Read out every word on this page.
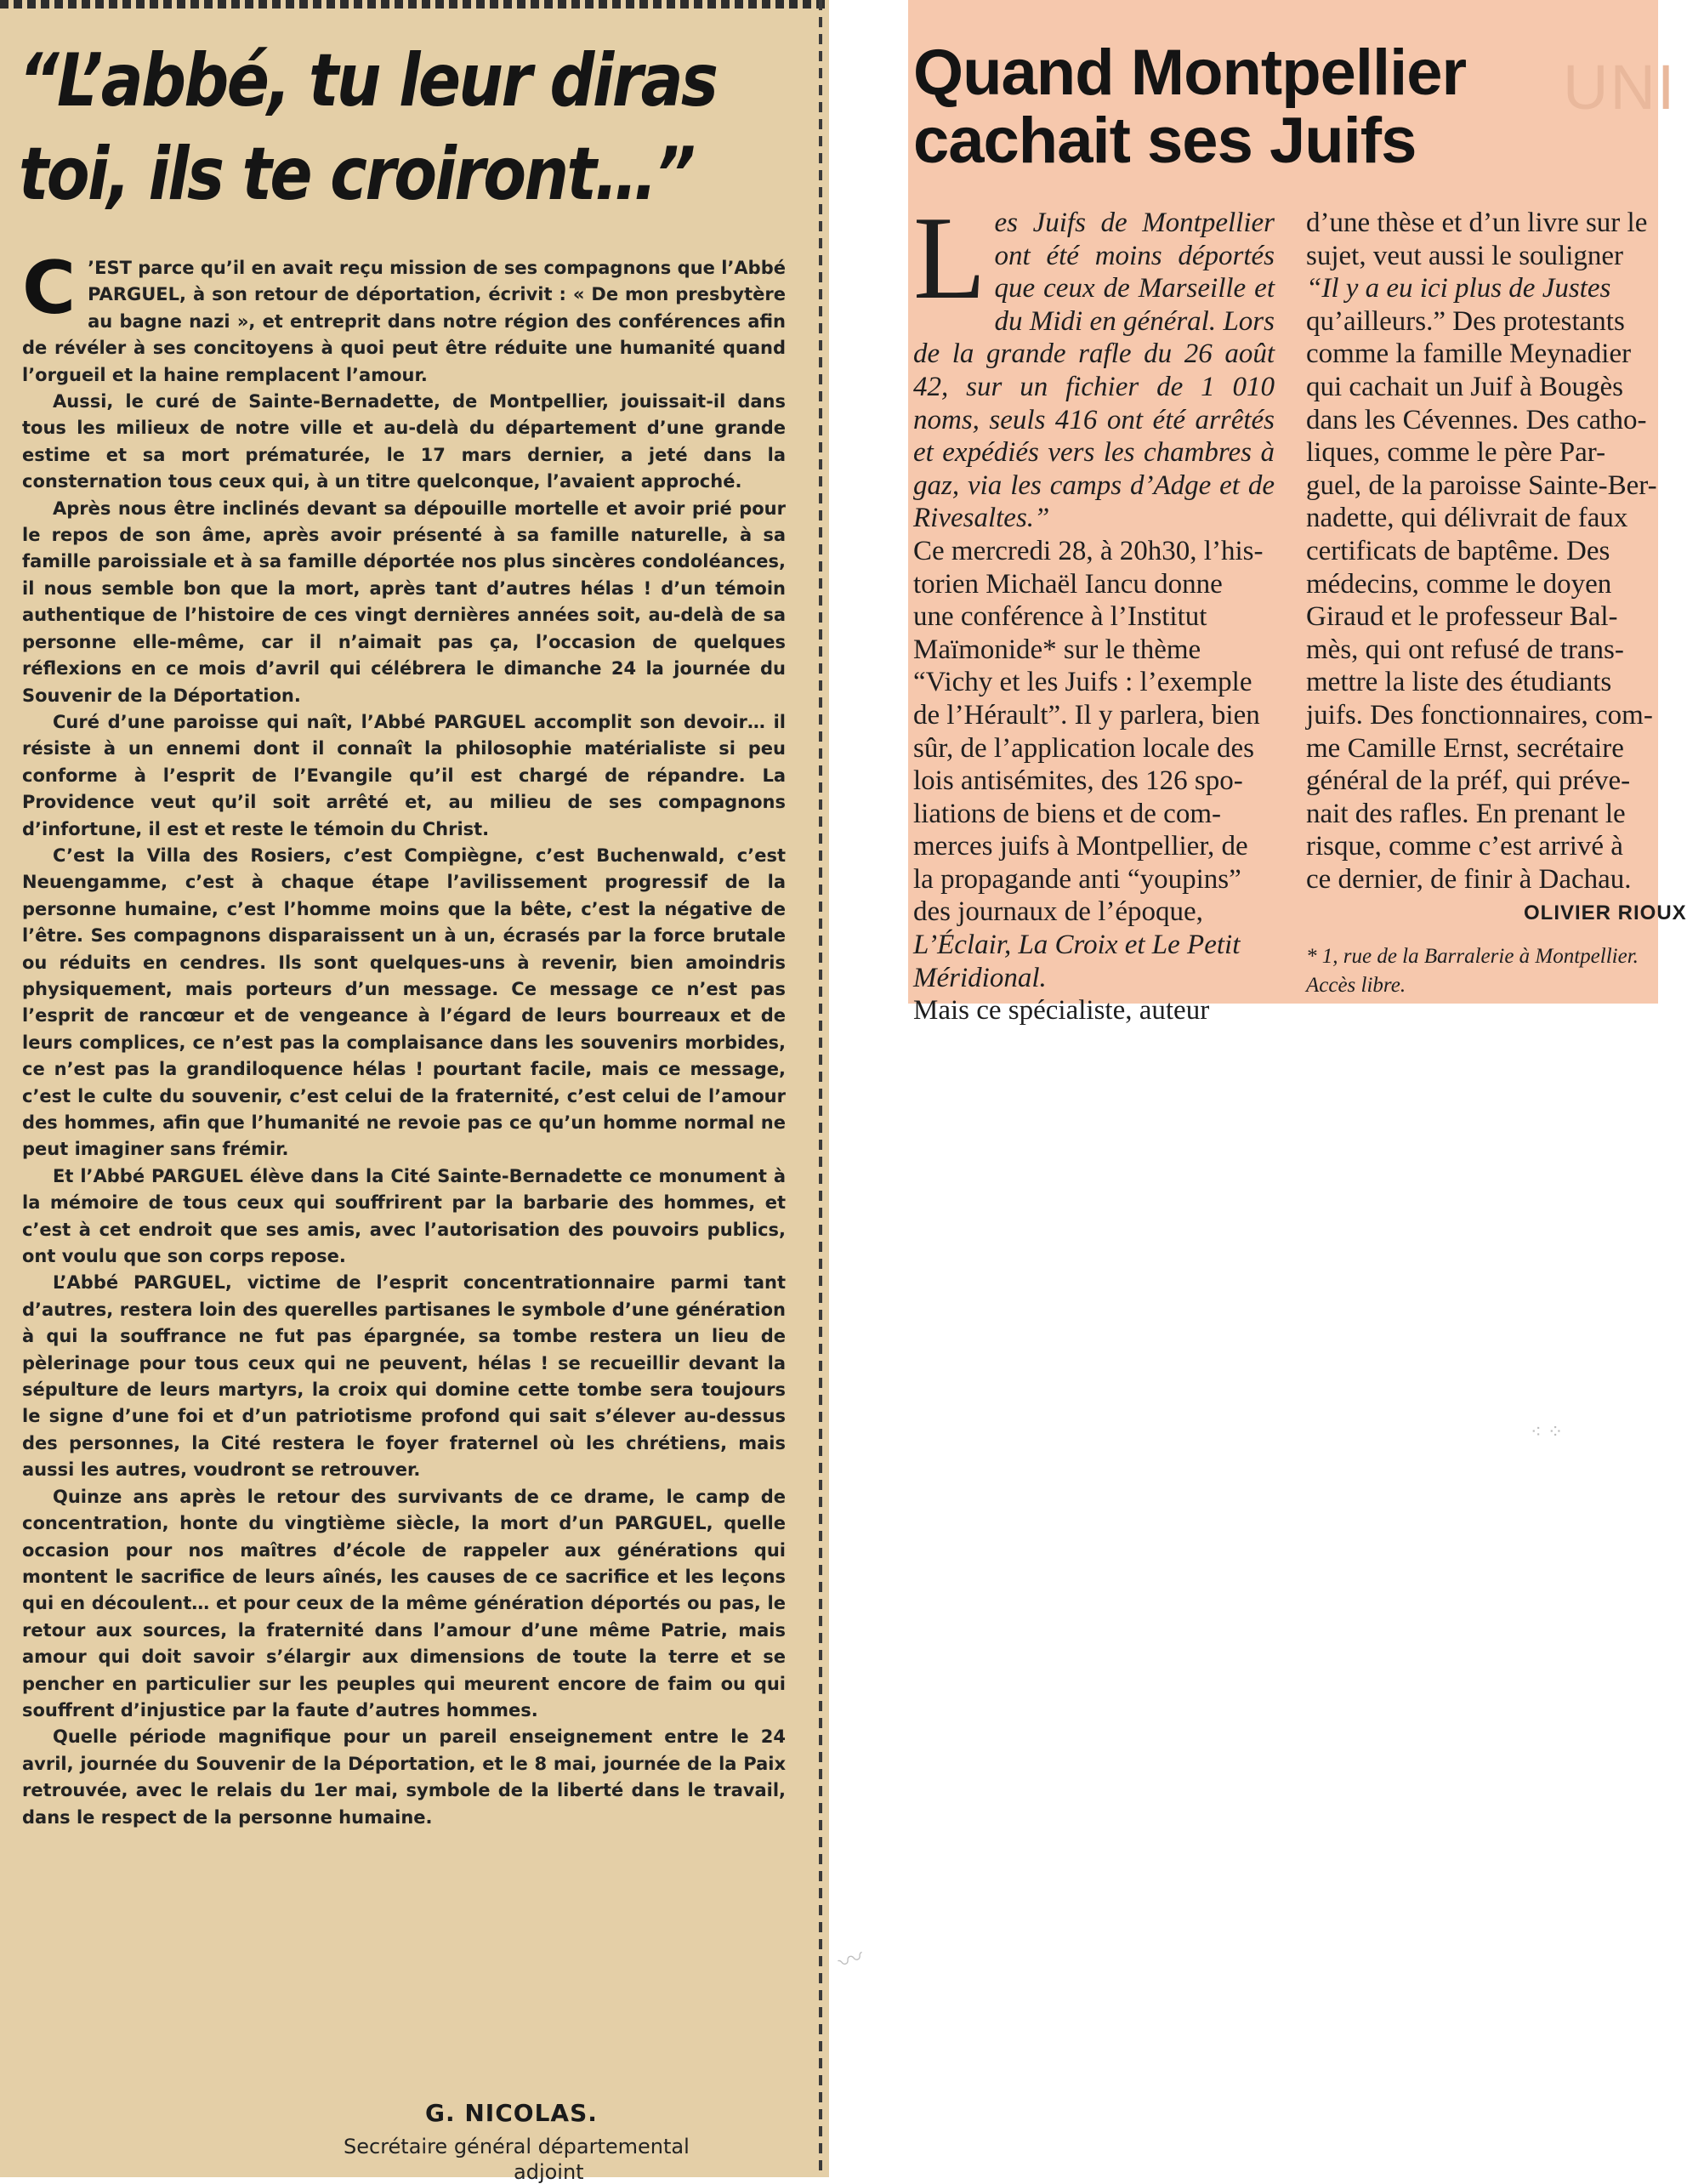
“L’abbé, tu leur diras
toi, ils te croiront…”

C ’EST parce qu’il en avait reçu mission de ses compagnons que l’Abbé PARGUEL, à son retour de déportation, écrivit : « De mon presbytère au bagne nazi », et entreprit dans notre région des conférences afin de révéler à ses concitoyens à quoi peut être réduite une humanité quand l’orgueil et la haine remplacent l’amour.

Aussi, le curé de Sainte-Bernadette, de Montpellier, jouissait-il dans tous les milieux de notre ville et au-delà du département d’une grande estime et sa mort prématurée, le 17 mars dernier, a jeté dans la consternation tous ceux qui, à un titre quelconque, l’avaient approché.

Après nous être inclinés devant sa dépouille mortelle et avoir prié pour le repos de son âme, après avoir présenté à sa famille naturelle, à sa famille paroissiale et à sa famille déportée nos plus sincères condoléances, il nous semble bon que la mort, après tant d’autres hélas ! d’un témoin authentique de l’histoire de ces vingt dernières années soit, au-delà de sa personne elle-même, car il n’aimait pas ça, l’occasion de quelques réflexions en ce mois d’avril qui célébrera le dimanche 24 la journée du Souvenir de la Déportation.

Curé d’une paroisse qui naît, l’Abbé PARGUEL accomplit son devoir… il résiste à un ennemi dont il connaît la philosophie matérialiste si peu conforme à l’esprit de l’Evangile qu’il est chargé de répandre. La Providence veut qu’il soit arrêté et, au milieu de ses compagnons d’infortune, il est et reste le témoin du Christ.

C’est la Villa des Rosiers, c’est Compiègne, c’est Buchenwald, c’est Neuengamme, c’est à chaque étape l’avilissement progressif de la personne humaine, c’est l’homme moins que la bête, c’est la négative de l’être. Ses compagnons disparaissent un à un, écrasés par la force brutale ou réduits en cendres. Ils sont quelques-uns à revenir, bien amoindris physiquement, mais porteurs d’un message. Ce message ce n’est pas l’esprit de rancœur et de vengeance à l’égard de leurs bourreaux et de leurs complices, ce n’est pas la complaisance dans les souvenirs morbides, ce n’est pas la grandiloquence hélas ! pourtant facile, mais ce message, c’est le culte du souvenir, c’est celui de la fraternité, c’est celui de l’amour des hommes, afin que l’humanité ne revoie pas ce qu’un homme normal ne peut imaginer sans frémir.

Et l’Abbé PARGUEL élève dans la Cité Sainte-Bernadette ce monument à la mémoire de tous ceux qui souffrirent par la barbarie des hommes, et c’est à cet endroit que ses amis, avec l’autorisation des pouvoirs publics, ont voulu que son corps repose.

L’Abbé PARGUEL, victime de l’esprit concentrationnaire parmi tant d’autres, restera loin des querelles partisanes le symbole d’une génération à qui la souffrance ne fut pas épargnée, sa tombe restera un lieu de pèlerinage pour tous ceux qui ne peuvent, hélas ! se recueillir devant la sépulture de leurs martyrs, la croix qui domine cette tombe sera toujours le signe d’une foi et d’un patriotisme profond qui sait s’élever au-dessus des personnes, la Cité restera le foyer fraternel où les chrétiens, mais aussi les autres, voudront se retrouver.

Quinze ans après le retour des survivants de ce drame, le camp de concentration, honte du vingtième siècle, la mort d’un PARGUEL, quelle occasion pour nos maîtres d’école de rappeler aux générations qui montent le sacrifice de leurs aînés, les causes de ce sacrifice et les leçons qui en découlent… et pour ceux de la même génération déportés ou pas, le retour aux sources, la fraternité dans l’amour d’une même Patrie, mais amour qui doit savoir s’élargir aux dimensions de toute la terre et se pencher en particulier sur les peuples qui meurent encore de faim ou qui souffrent d’injustice par la faute d’autres hommes.

Quelle période magnifique pour un pareil enseignement entre le 24 avril, journée du Souvenir de la Déportation, et le 8 mai, journée de la Paix retrouvée, avec le relais du 1er mai, symbole de la liberté dans le travail, dans le respect de la personne humaine.

G. NICOLAS.
Secrétaire général départemental
adjoint
UNI
Quand Montpellier
cachait ses Juifs

Les Juifs de Montpellier ont été moins déportés que ceux de Marseille et du Midi en général. Lors de la grande rafle du 26 août 42, sur un fichier de 1 010 noms, seuls 416 ont été arrêtés et expédiés vers les chambres à gaz, via les camps d’Adge et de Rivesaltes.”

Ce mercredi 28, à 20h30, l’his-
torien Michaël Iancu donne
une conférence à l’Institut
Maïmonide* sur le thème
“Vichy et les Juifs : l’exemple
de l’Hérault”. Il y parlera, bien
sûr, de l’application locale des
lois antisémites, des 126 spo-
liations de biens et de com-
merces juifs à Montpellier, de
la propagande anti “youpins”
des journaux de l’époque,
L’Éclair, La Croix et Le Petit
Méridional.
Mais ce spécialiste, auteur
d’une thèse et d’un livre sur le
sujet, veut aussi le souligner
“Il y a eu ici plus de Justes
qu’ailleurs.” Des protestants
comme la famille Meynadier
qui cachait un Juif à Bougès
dans les Cévennes. Des catho-
liques, comme le père Par-
guel, de la paroisse Sainte-Ber-
nadette, qui délivrait de faux
certificats de baptême. Des
médecins, comme le doyen
Giraud et le professeur Bal-
mès, qui ont refusé de trans-
mettre la liste des étudiants
juifs. Des fonctionnaires, com-
me Camille Ernst, secrétaire
général de la préf, qui préve-
nait des rafles. En prenant le
risque, comme c’est arrivé à
ce dernier, de finir à Dachau.
OLIVIER RIOUX
* 1, rue de la Barralerie à Montpellier. Accès libre.
〰
⁖ ⁘
